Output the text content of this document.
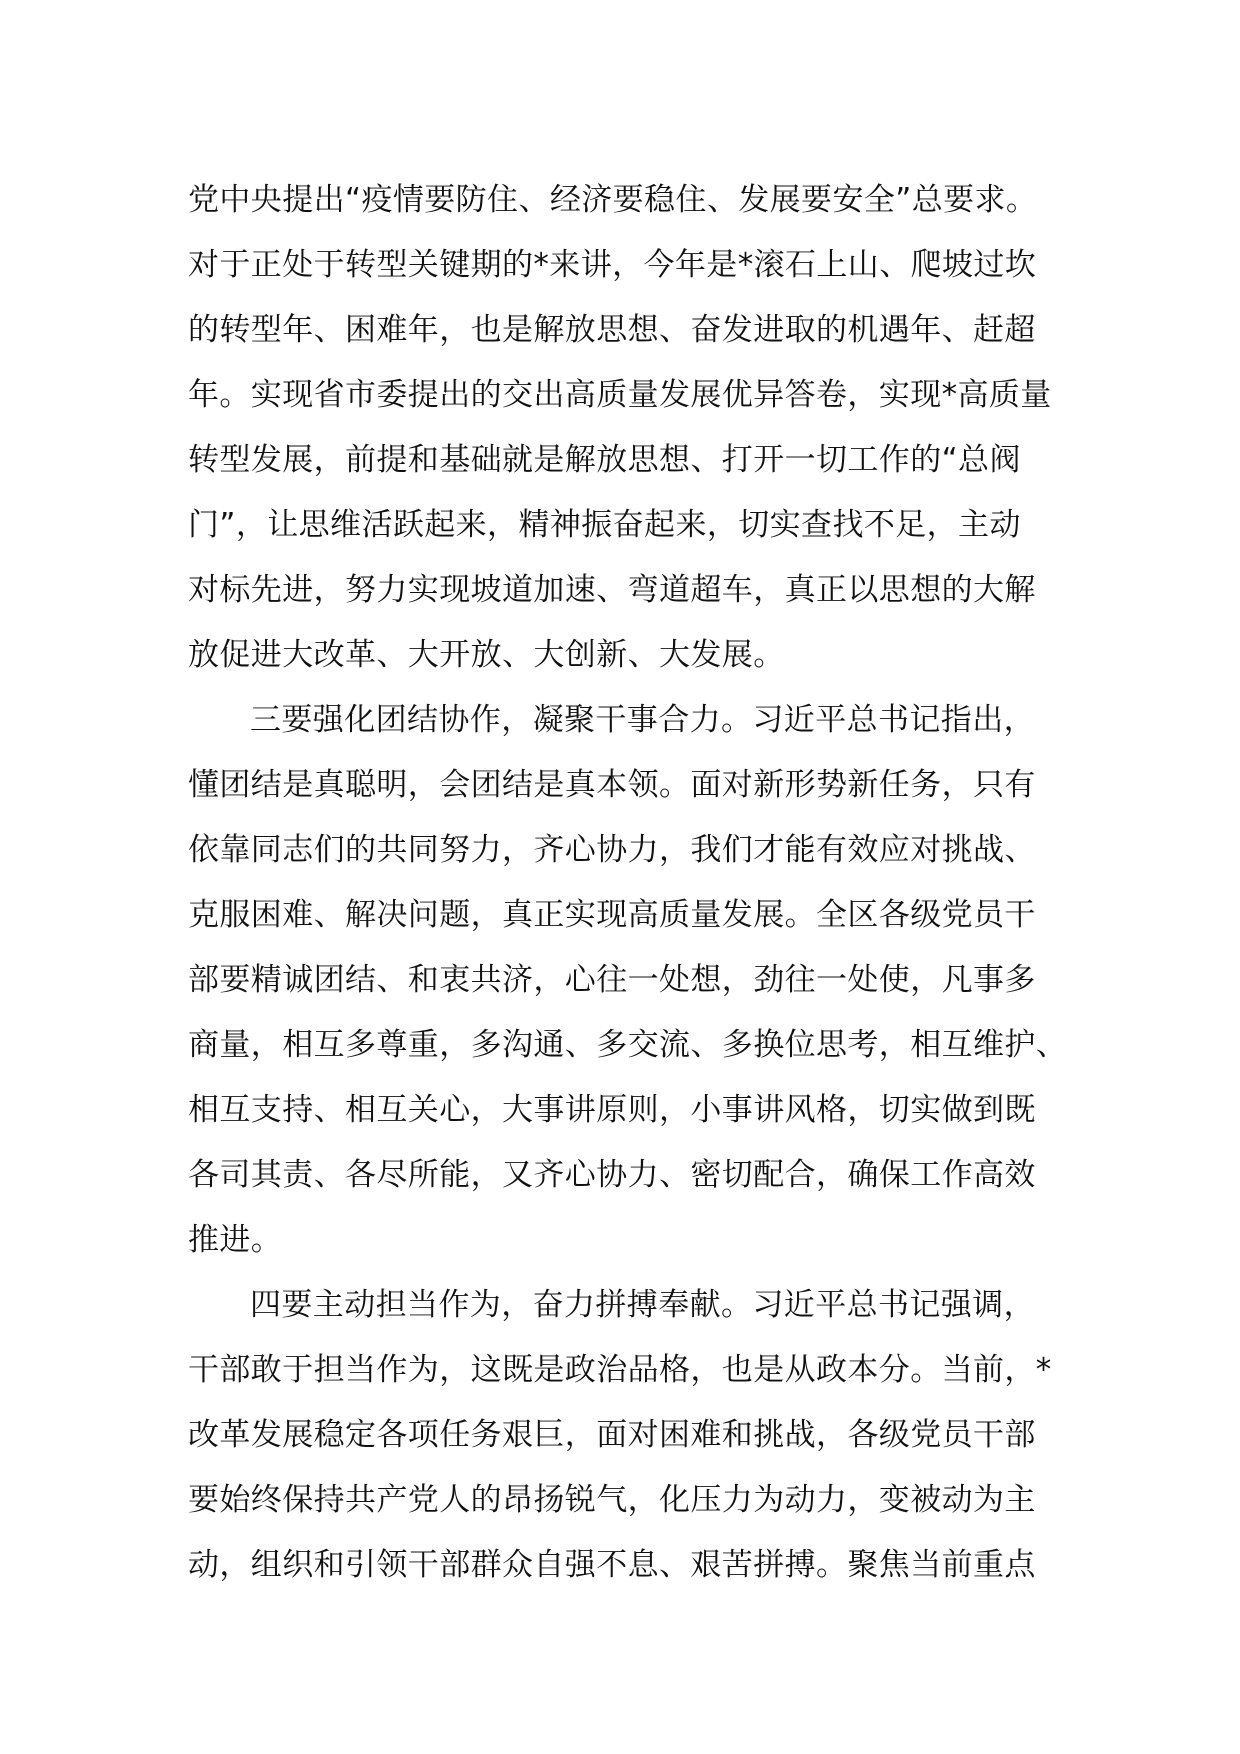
党中央提出“疫情要防住、经济要稳住、发展要安全”总要求。
对于正处于转型关键期的*来讲，今年是*滚石上山、爬坡过坎
的转型年、困难年，也是解放思想、奋发进取的机遇年、赶超
年。实现省市委提出的交出高质量发展优异答卷，实现*高质量
转型发展，前提和基础就是解放思想、打开一切工作的“总阀
门”，让思维活跃起来，精神振奋起来，切实查找不足，主动
对标先进，努力实现坡道加速、弯道超车，真正以思想的大解
放促进大改革、大开放、大创新、大发展。
三要强化团结协作，凝聚干事合力。习近平总书记指出，
懂团结是真聪明，会团结是真本领。面对新形势新任务，只有
依靠同志们的共同努力，齐心协力，我们才能有效应对挑战、
克服困难、解决问题，真正实现高质量发展。全区各级党员干
部要精诚团结、和衷共济，心往一处想，劲往一处使，凡事多
商量，相互多尊重，多沟通、多交流、多换位思考，相互维护、
相互支持、相互关心，大事讲原则，小事讲风格，切实做到既
各司其责、各尽所能，又齐心协力、密切配合，确保工作高效
推进。
四要主动担当作为，奋力拼搏奉献。习近平总书记强调，
干部敢于担当作为，这既是政治品格，也是从政本分。当前，*
改革发展稳定各项任务艰巨，面对困难和挑战，各级党员干部
要始终保持共产党人的昂扬锐气，化压力为动力，变被动为主
动，组织和引领干部群众自强不息、艰苦拼搏。聚焦当前重点
